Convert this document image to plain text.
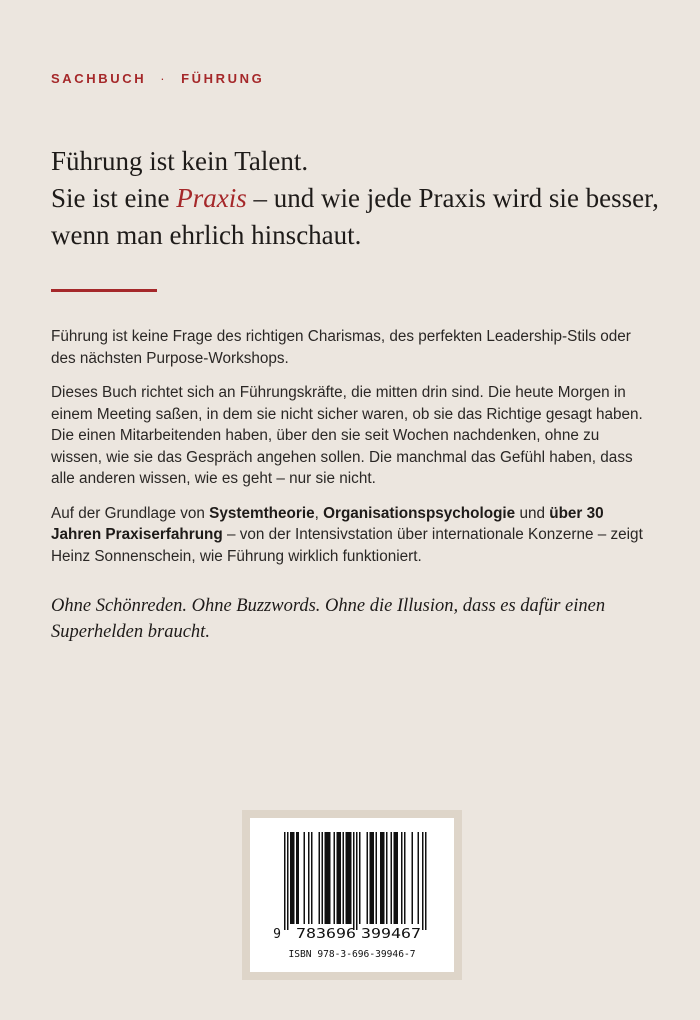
SACHBUCH · FÜHRUNG
Führung ist kein Talent.
Sie ist eine Praxis – und wie jede Praxis wird sie besser,
wenn man ehrlich hinschaut.

Führung ist keine Frage des richtigen Charismas, des perfekten Leadership-Stils oder des nächsten Purpose-Workshops.

Dieses Buch richtet sich an Führungskräfte, die mitten drin sind. Die heute Morgen in einem Meeting saßen, in dem sie nicht sicher waren, ob sie das Richtige gesagt haben. Die einen Mitarbeitenden haben, über den sie seit Wochen nachdenken, ohne zu wissen, wie sie das Gespräch angehen sollen. Die manchmal das Gefühl haben, dass alle anderen wissen, wie es geht – nur sie nicht.

Auf der Grundlage von Systemtheorie, Organisationspsychologie und über 30 Jahren Praxiserfahrung – von der Intensivstation über internationale Konzerne – zeigt Heinz Sonnenschein, wie Führung wirklich funktioniert.

Ohne Schönreden. Ohne Buzzwords. Ohne die Illusion, dass es dafür einen Superhelden braucht.
9 783696 399467
ISBN 978-3-696-39946-7
